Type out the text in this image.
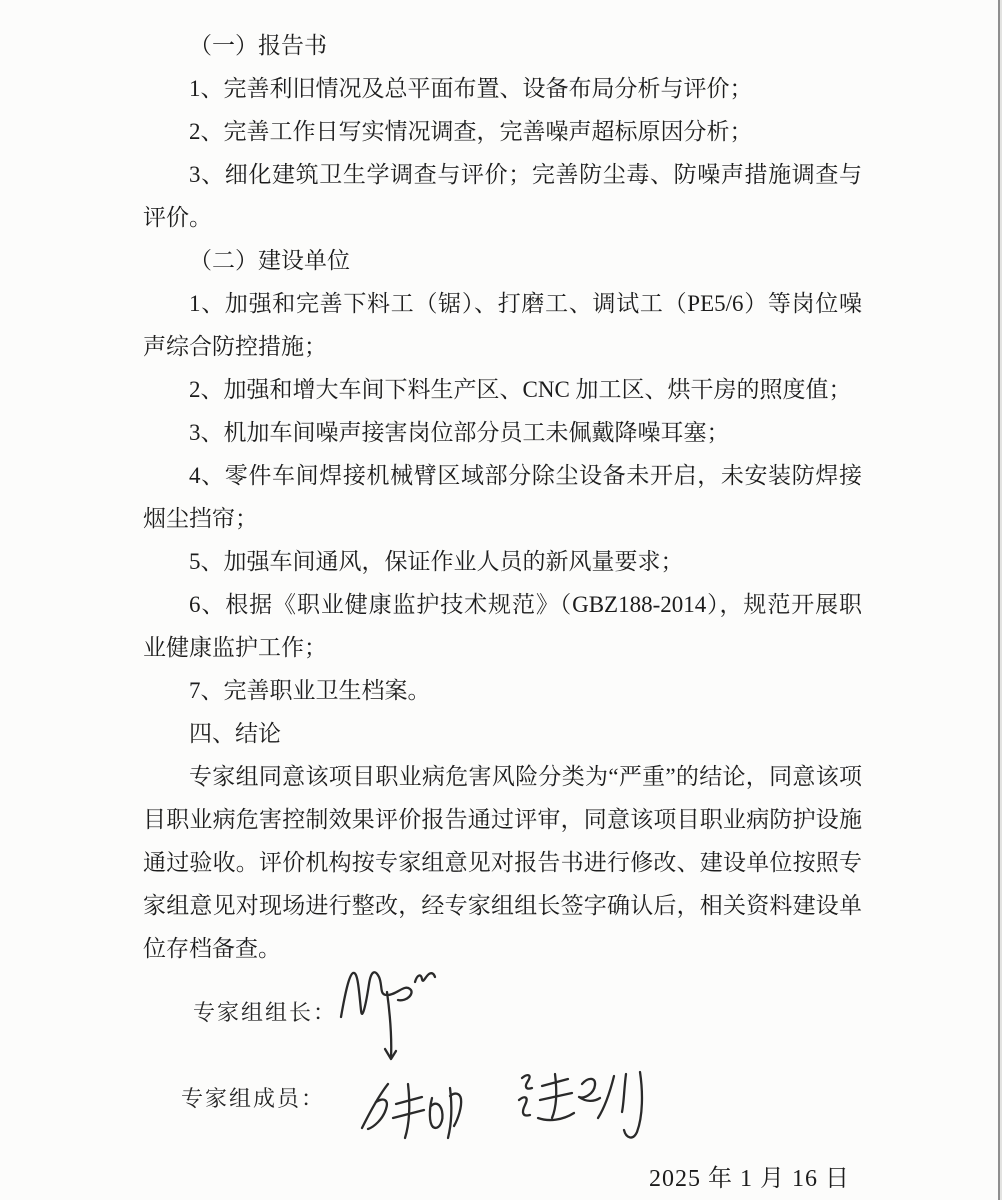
（一）报告书

1、完善利旧情况及总平面布置、设备布局分析与评价；

2、完善工作日写实情况调查，完善噪声超标原因分析；

3、细化建筑卫生学调查与评价；完善防尘毒、防噪声措施调查与评价。

（二）建设单位

1、加强和完善下料工（锯）、打磨工、调试工（PE5/6）等岗位噪声综合防控措施；

2、加强和增大车间下料生产区、CNC 加工区、烘干房的照度值；

3、机加车间噪声接害岗位部分员工未佩戴降噪耳塞；

4、零件车间焊接机械臂区域部分除尘设备未开启，未安装防焊接烟尘挡帘；

5、加强车间通风，保证作业人员的新风量要求；

6、根据《职业健康监护技术规范》（GBZ188-2014），规范开展职业健康监护工作；

7、完善职业卫生档案。

四、结论

专家组同意该项目职业病危害风险分类为“严重”的结论，同意该项目职业病危害控制效果评价报告通过评审，同意该项目职业病防护设施通过验收。评价机构按专家组意见对报告书进行修改、建设单位按照专家组意见对现场进行整改，经专家组组长签字确认后，相关资料建设单位存档备查。

专家组组长：
专家组成员：
2025 年 1 月 16 日
